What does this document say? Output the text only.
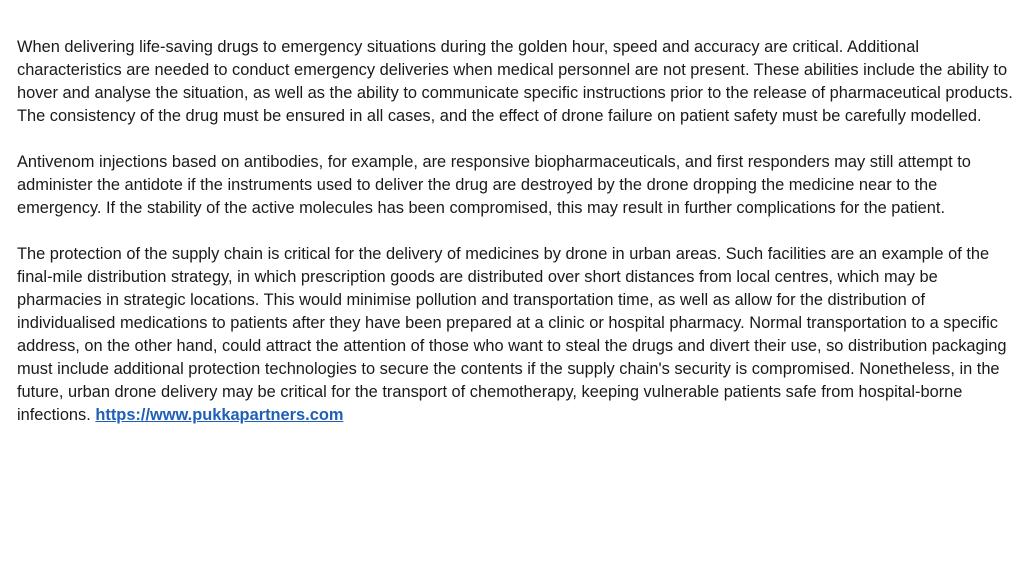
When delivering life-saving drugs to emergency situations during the golden hour, speed and accuracy are critical. Additional characteristics are needed to conduct emergency deliveries when medical personnel are not present. These abilities include the ability to hover and analyse the situation, as well as the ability to communicate specific instructions prior to the release of pharmaceutical products. The consistency of the drug must be ensured in all cases, and the effect of drone failure on patient safety must be carefully modelled.

Antivenom injections based on antibodies, for example, are responsive biopharmaceuticals, and first responders may still attempt to administer the antidote if the instruments used to deliver the drug are destroyed by the drone dropping the medicine near to the emergency. If the stability of the active molecules has been compromised, this may result in further complications for the patient.

The protection of the supply chain is critical for the delivery of medicines by drone in urban areas. Such facilities are an example of the final-mile distribution strategy, in which prescription goods are distributed over short distances from local centres, which may be pharmacies in strategic locations. This would minimise pollution and transportation time, as well as allow for the distribution of individualised medications to patients after they have been prepared at a clinic or hospital pharmacy. Normal transportation to a specific address, on the other hand, could attract the attention of those who want to steal the drugs and divert their use, so distribution packaging must include additional protection technologies to secure the contents if the supply chain's security is compromised. Nonetheless, in the future, urban drone delivery may be critical for the transport of chemotherapy, keeping vulnerable patients safe from hospital-borne infections. https://www.pukkapartners.com
